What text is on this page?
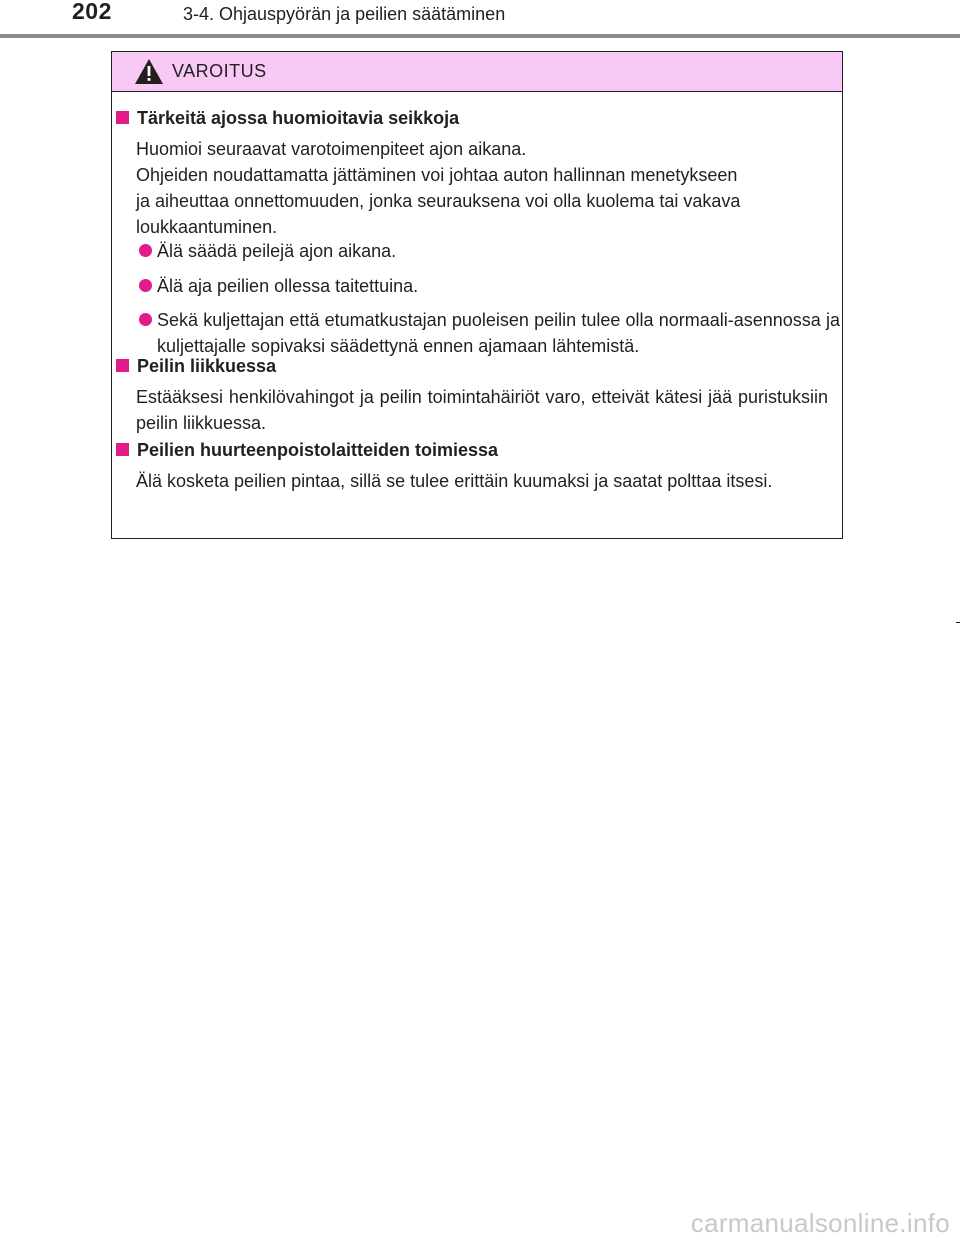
202	3-4. Ohjauspyörän ja peilien säätäminen
VAROITUS
Tärkeitä ajossa huomioitavia seikkoja
Huomioi seuraavat varotoimenpiteet ajon aikana.
Ohjeiden noudattamatta jättäminen voi johtaa auton hallinnan menetykseen
ja aiheuttaa onnettomuuden, jonka seurauksena voi olla kuolema tai vakava
loukkaantuminen.
Älä säädä peilejä ajon aikana.
Älä aja peilien ollessa taitettuina.
Sekä kuljettajan että etumatkustajan puoleisen peilin tulee olla normaali-asennossa ja kuljettajalle sopivaksi säädettynä ennen ajamaan lähtemistä.
Peilin liikkuessa
Estääksesi henkilövahingot ja peilin toimintahäiriöt varo, etteivät kätesi jää puristuksiin peilin liikkuessa.
Peilien huurteenpoistolaitteiden toimiessa
Älä kosketa peilien pintaa, sillä se tulee erittäin kuumaksi ja saatat polttaa itsesi.
carmanualsonline.info
